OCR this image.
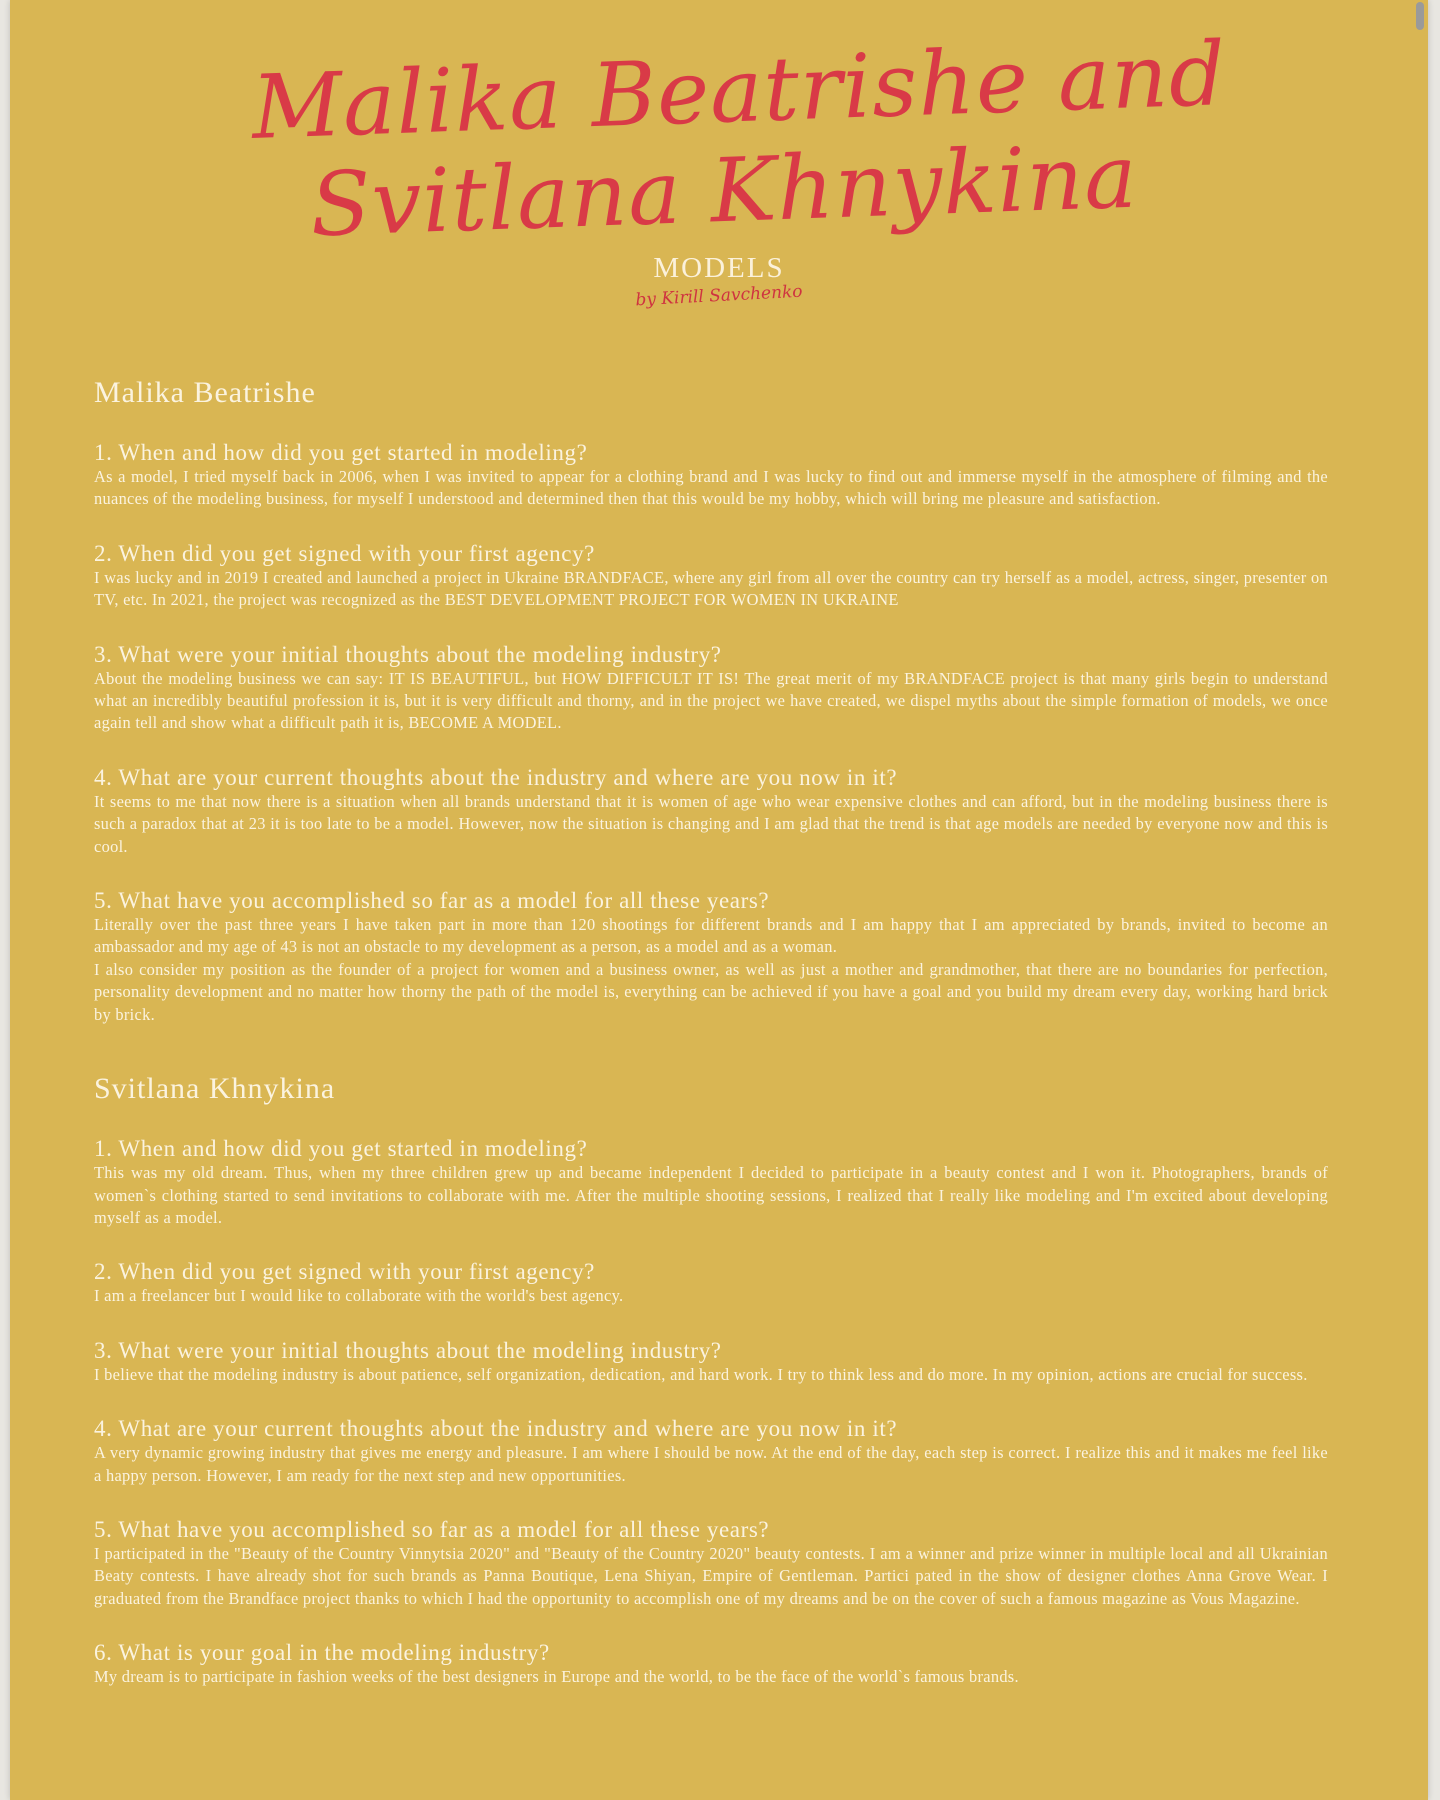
Malika Beatrishe and
Svitlana Khnykina
MODELS
by Kirill Savchenko
Malika Beatrishe
1. When and how did you get started in modeling?
As a model, I tried myself back in 2006, when I was invited to appear for a clothing brand and I was lucky to find out and immerse myself in the atmosphere of filming and the nuances of the modeling business, for myself I understood and determined then that this would be my hobby, which will bring me pleasure and satisfaction.
2. When did you get signed with your first agency?
I was lucky and in 2019 I created and launched a project in Ukraine BRANDFACE, where any girl from all over the country can try herself as a model, actress, singer, presenter on TV, etc. In 2021, the project was recognized as the BEST DEVELOPMENT PROJECT FOR WOMEN IN UKRAINE
3. What were your initial thoughts about the modeling industry?
About the modeling business we can say: IT IS BEAUTIFUL, but HOW DIFFICULT IT IS! The great merit of my BRANDFACE project is that many girls begin to understand what an incredibly beautiful profession it is, but it is very difficult and thorny, and in the project we have created, we dispel myths about the simple formation of models, we once again tell and show what a difficult path it is, BECOME A MODEL.
4. What are your current thoughts about the industry and where are you now in it?
It seems to me that now there is a situation when all brands understand that it is women of age who wear expensive clothes and can afford, but in the modeling business there is such a paradox that at 23 it is too late to be a model. However, now the situation is changing and I am glad that the trend is that age models are needed by everyone now and this is cool.
5. What have you accomplished so far as a model for all these years?
Literally over the past three years I have taken part in more than 120 shootings for different brands and I am happy that I am appreciated by brands, invited to become an ambassador and my age of 43 is not an obstacle to my development as a person, as a model and as a woman.
I also consider my position as the founder of a project for women and a business owner, as well as just a mother and grandmother, that there are no boundaries for perfection, personality development and no matter how thorny the path of the model is, everything can be achieved if you have a goal and you build my dream every day, working hard brick by brick.
Svitlana Khnykina
1. When and how did you get started in modeling?
This was my old dream. Thus, when my three children grew up and became independent I decided to participate in a beauty contest and I won it. Photographers, brands of women`s clothing started to send invitations to collaborate with me. After the multiple shooting sessions, I realized that I really like modeling and I'm excited about developing myself as a model.
2. When did you get signed with your first agency?
I am a freelancer but I would like to collaborate with the world's best agency.
3. What were your initial thoughts about the modeling industry?
I believe that the modeling industry is about patience, self organization, dedication, and hard work. I try to think less and do more. In my opinion, actions are crucial for success.
4. What are your current thoughts about the industry and where are you now in it?
A very dynamic growing industry that gives me energy and pleasure. I am where I should be now. At the end of the day, each step is correct. I realize this and it makes me feel like a happy person. However, I am ready for the next step and new opportunities.
5. What have you accomplished so far as a model for all these years?
I participated in the "Beauty of the Country Vinnytsia 2020" and "Beauty of the Country 2020" beauty contests. I am a winner and prize winner in multiple local and all Ukrainian Beaty contests. I have already shot for such brands as Panna Boutique, Lena Shiyan, Empire of Gentleman. Partici pated in the show of designer clothes Anna Grove Wear. I graduated from the Brandface project thanks to which I had the opportunity to accomplish one of my dreams and be on the cover of such a famous magazine as Vous Magazine.
6. What is your goal in the modeling industry?
My dream is to participate in fashion weeks of the best designers in Europe and the world, to be the face of the world`s famous brands.
